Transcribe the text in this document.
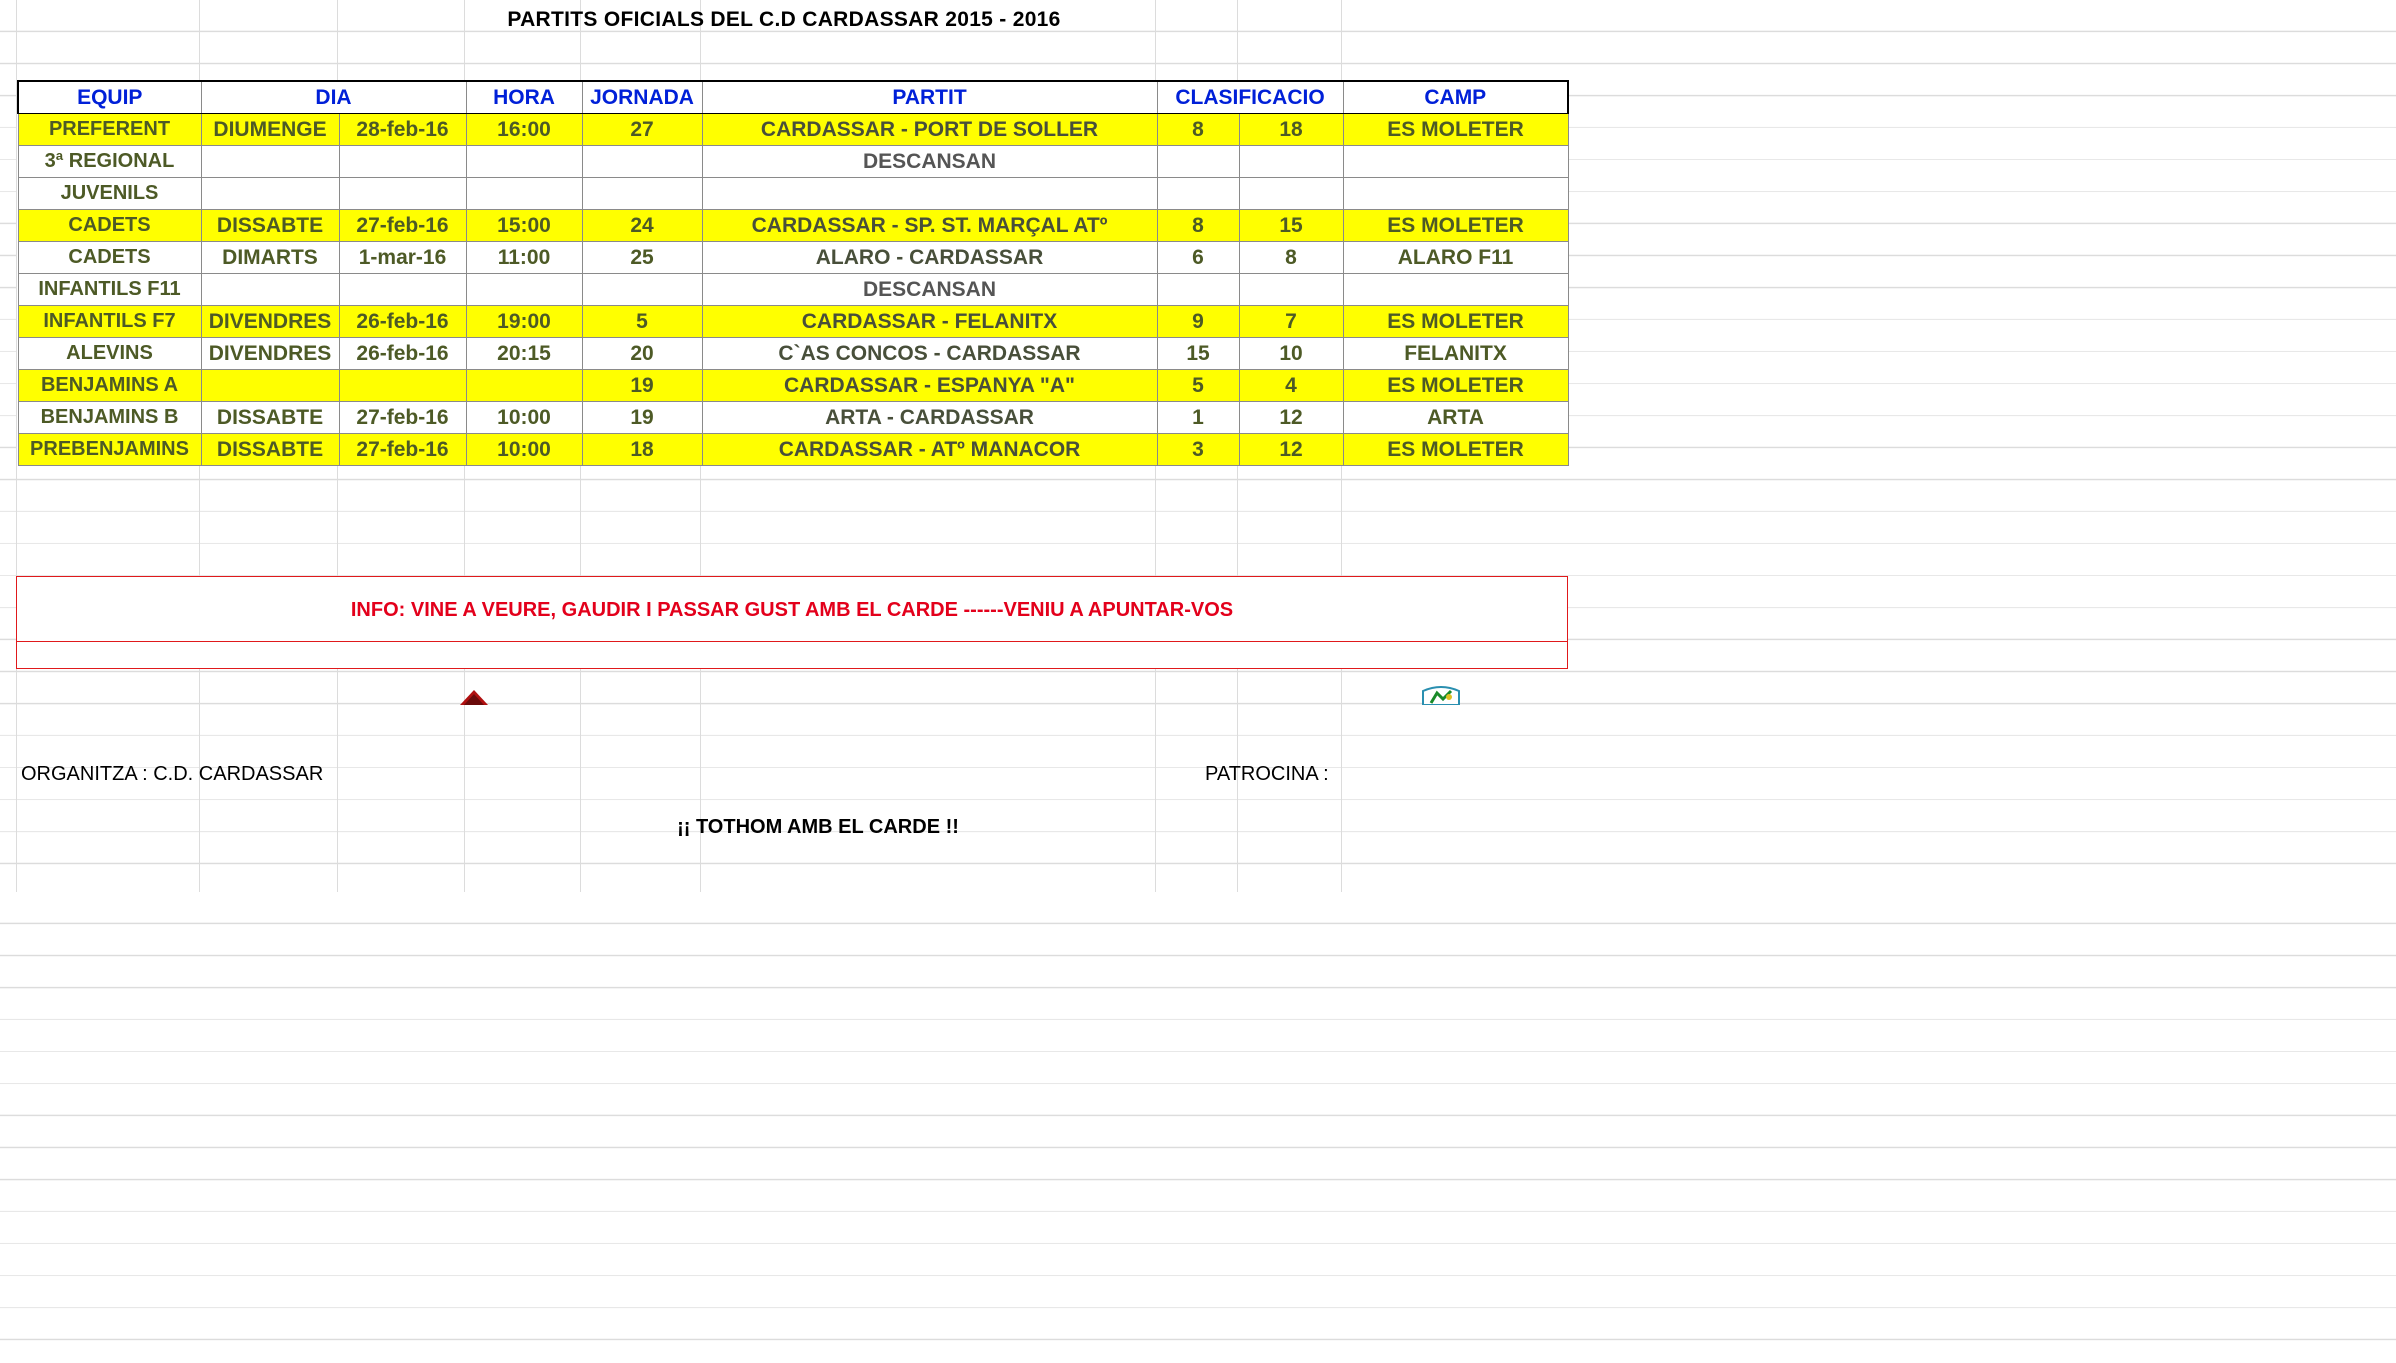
PARTITS OFICIALS DEL C.D CARDASSAR 2015 - 2016
EQUIP	DIA		HORA	JORNADA	PARTIT	CLASIFICACIO		CAMP
PREFERENT	DIUMENGE	28-feb-16	16:00	27	CARDASSAR - PORT DE SOLLER	8	18	ES MOLETER
3ª REGIONAL					DESCANSAN			
JUVENILS								
CADETS	DISSABTE	27-feb-16	15:00	24	CARDASSAR - SP. ST. MARÇAL ATº	8	15	ES MOLETER
CADETS	DIMARTS	1-mar-16	11:00	25	ALARO - CARDASSAR	6	8	ALARO F11
INFANTILS F11					DESCANSAN			
INFANTILS F7	DIVENDRES	26-feb-16	19:00	5	CARDASSAR - FELANITX	9	7	ES MOLETER
ALEVINS	DIVENDRES	26-feb-16	20:15	20	C`AS CONCOS - CARDASSAR	15	10	FELANITX
BENJAMINS A				19	CARDASSAR - ESPANYA "A"	5	4	ES MOLETER
BENJAMINS B	DISSABTE	27-feb-16	10:00	19	ARTA - CARDASSAR	1	12	ARTA
PREBENJAMINS	DISSABTE	27-feb-16	10:00	18	CARDASSAR - ATº MANACOR	3	12	ES MOLETER
INFO: VINE A VEURE, GAUDIR I PASSAR GUST AMB EL CARDE ------VENIU A APUNTAR-VOS
ORGANITZA : C.D. CARDASSAR	PATROCINA :
¡¡ TOTHOM AMB EL CARDE !!
